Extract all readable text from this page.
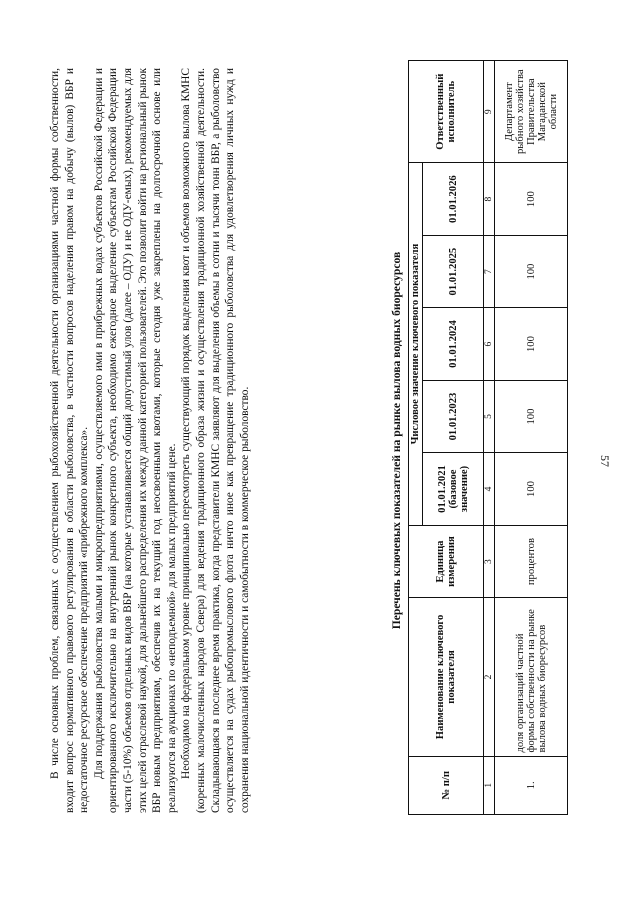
57

В числе основных проблем, связанных с осуществлением рыбохозяйственной деятельности организациями частной формы собственности, входит вопрос нормативного правового регулирования в области рыболовства, в частности вопросов наделения правом на добычу (вылов) ВБР и недостаточное ресурсное обеспечение предприятий «прибрежного комплекса». Для поддержания рыболовства малыми и микропредприятиями, осуществляемого ими в прибрежных водах субъектов Российской Федерации и ориентированного исключительно на внутренний рынок конкретного субъекта, необходимо ежегодное выделение субъектам Российской Федерации части (5-10%) объемов отдельных видов ВБР (на которые устанавливается общий допустимый улов (далее – ОДУ) и не ОДУ-емых), рекомендуемых для этих целей отраслевой наукой, для дальнейшего распределения их между данной категорией пользователей. Это позволит войти на региональный рынок ВБР новым предприятиям, обеспечив их на текущий год неосвоенными квотами, которые сегодня уже закреплены на долгосрочной основе или реализуются на аукционах по «неподъемной» для малых предприятий цене. Необходимо на федеральном уровне принципиально пересмотреть существующий порядок выделения квот и объемов возможного вылова КМНС (коренных малочисленных народов Севера) для ведения традиционного образа жизни и осуществления традиционной хозяйственной деятельности. Складывающаяся в последнее время практика, когда представители КМНС заявляют для выделения объемы в сотни и тысячи тонн ВБР, а рыболовство осуществляется на судах рыбопромыслового флота ничто иное как превращение традиционного рыболовства для удовлетворения личных нужд и сохранения национальной идентичности и самобытности в коммерческое рыболовство.	Перечень ключевых показателей на рынке вылова водных биоресурсов
№ п/п	Наименование ключевого показателя	Единица измерения	Числовое значение ключевого показателя					Ответственный исполнитель
			01.01.2021 (базовое значение)	01.01.2023	01.01.2024	01.01.2025	01.01.2026	
1	2	3	4	5	6	7	8	9
1.	доля организаций частной формы собственности на рынке вылова водных биоресурсов	процентов	100	100	100	100	100	Департамент рыбного хозяйства Правительства Магаданской области
